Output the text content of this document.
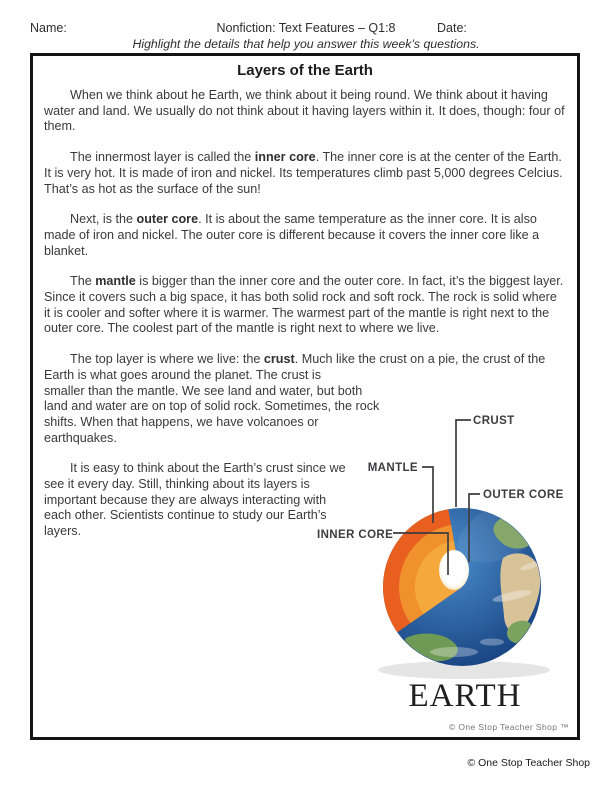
Name:	Nonfiction: Text Features – Q1:8	Date:
Highlight the details that help you answer this week’s questions.
Layers of the Earth

When we think about he Earth, we think about it being round. We think about it having water and land. We usually do not think about it having layers within it. It does, though: four of them.

The innermost layer is called the inner core. The inner core is at the center of the Earth. It is very hot. It is made of iron and nickel. Its temperatures climb past 5,000 degrees Celcius. That’s as hot as the surface of the sun!

Next, is the outer core. It is about the same temperature as the inner core. It is also made of iron and nickel. The outer core is different because it covers the inner core like a blanket.

The mantle is bigger than the inner core and the outer core. In fact, it’s the biggest layer. Since it covers such a big space, it has both solid rock and soft rock. The rock is solid where it is cooler and softer where it is warmer. The warmest part of the mantle is right next to the outer core. The coolest part of the mantle is right next to where we live.

The top layer is where we live: the crust. Much like the crust on a pie, the crust of the Earth is what goes around the planet. The crust is

smaller than the mantle. We see land and water, but both land and water are on top of solid rock. Sometimes, the rock shifts. When that happens, we have volcanoes or earthquakes.

It is easy to think about the Earth’s crust since we see it every day. Still, thinking about its layers is important because they are always interacting with each other. Scientists continue to study our Earth’s layers.

CRUST
MANTLE
OUTER CORE
INNER CORE
EARTH
© One Stop Teacher Shop ™
© One Stop Teacher Shop
